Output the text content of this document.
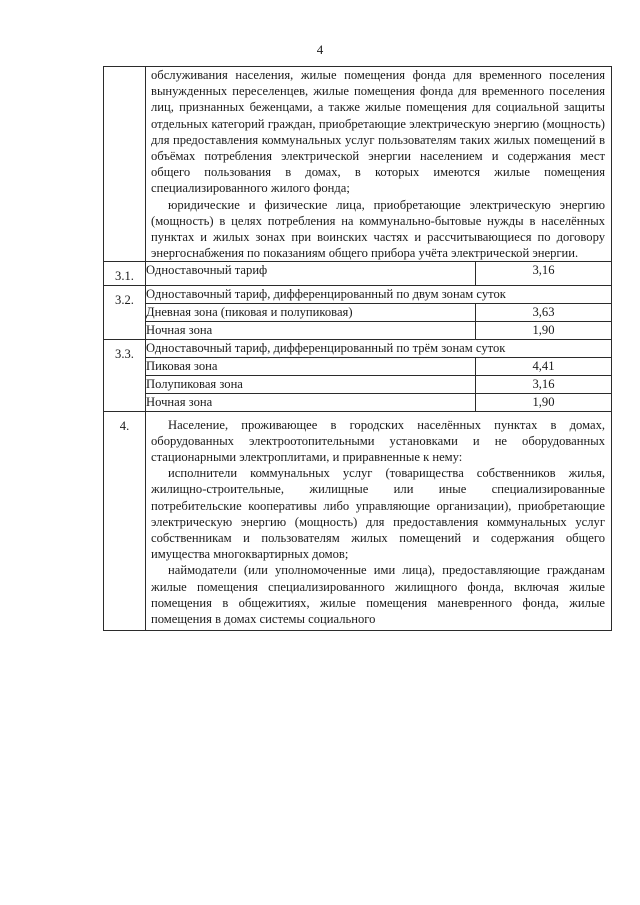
4

	обслуживания населения, жилые помещения фонда для временного поселения вынужденных переселенцев, жилые помещения фонда для временного поселения лиц, признанных беженцами, а также жилые помещения для социальной защиты отдельных категорий граждан, приобретающие электрическую энергию (мощность) для предоставления коммунальных услуг пользователям таких жилых помещений в объёмах потребления электрической энергии населением и содержания мест общего пользования в домах, в которых имеются жилые помещения специализированного жилого фонда;

юридические и физические лица, приобретающие электрическую энергию (мощность) в целях потребления на коммунально-бытовые нужды в населённых пунктах и жилых зонах при воинских частях и рассчитывающиеся по договору энергоснабжения по показаниям общего прибора учёта электрической энергии.	

3.1.	Одноставочный тариф	3,16
3.2.	Одноставочный тариф, дифференцированный по двум зонам суток	
	Дневная зона (пиковая и полупиковая)	3,63
	Ночная зона	1,90
3.3.	Одноставочный тариф, дифференцированный по трём зонам суток	
	Пиковая зона	4,41
	Полупиковая зона	3,16
	Ночная зона	1,90
4.	Население, проживающее в городских населённых пунктах в домах, оборудованных электроотопительными установками и не оборудованных стационарными электроплитами, и приравненные к нему:

исполнители коммунальных услуг (товарищества собственников жилья, жилищно-строительные, жилищные или иные специализированные потребительские кооперативы либо управляющие организации), приобретающие электрическую энергию (мощность) для предоставления коммунальных услуг собственникам и пользователям жилых помещений и содержания общего имущества многоквартирных домов;

наймодатели (или уполномоченные ими лица), предоставляющие гражданам жилые помещения специализированного жилищного фонда, включая жилые помещения в общежитиях, жилые помещения маневренного фонда, жилые помещения в домах системы социального	
